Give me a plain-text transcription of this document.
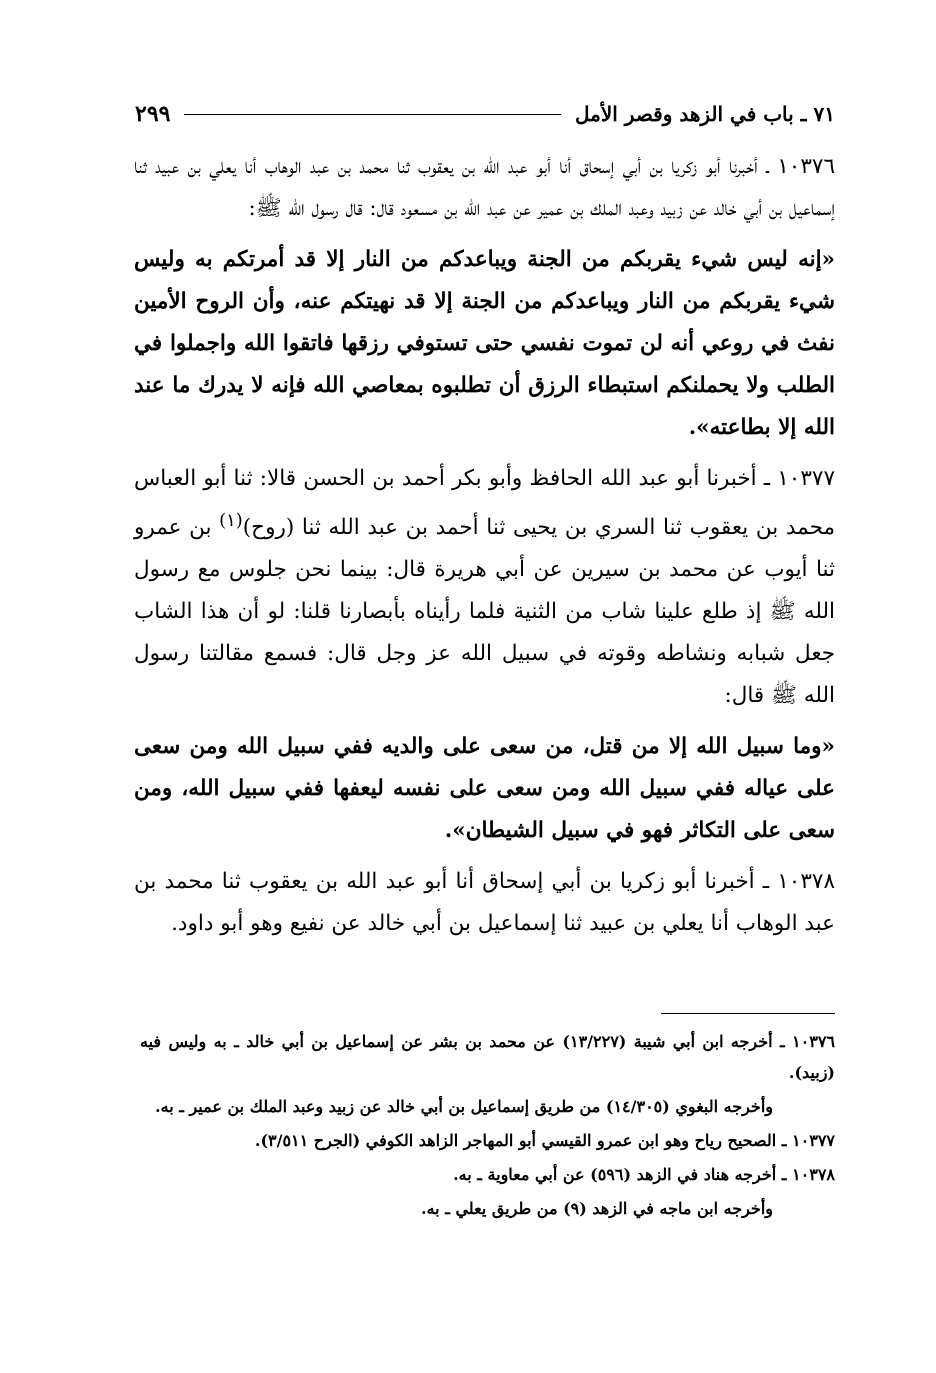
٧١ ـ باب في الزهد وقصر الأمل
٢٩٩

١٠٣٧٦ ـ أخبرنا أبو زكريا بن أبي إسحاق أنا أبو عبد الله بن يعقوب ثنا محمد بن عبد الوهاب أنا يعلي بن عبيد ثنا إسماعيل بن أبي خالد عن زبيد وعبد الملك بن عمير عن عبد الله بن مسعود قال: قال رسول الله ﷺ:

«إنه ليس شيء يقربكم من الجنة ويباعدكم من النار إلا قد أمرتكم به وليس شيء يقربكم من النار ويباعدكم من الجنة إلا قد نهيتكم عنه، وأن الروح الأمين نفث في روعي أنه لن تموت نفسي حتى تستوفي رزقها فاتقوا الله واجملوا في الطلب ولا يحملنكم استبطاء الرزق أن تطلبوه بمعاصي الله فإنه لا يدرك ما عند الله إلا بطاعته».

١٠٣٧٧ ـ أخبرنا أبو عبد الله الحافظ وأبو بكر أحمد بن الحسن قالا: ثنا أبو العباس محمد بن يعقوب ثنا السري بن يحيى ثنا أحمد بن عبد الله ثنا (روح)$^{(١)}$ بن عمرو ثنا أيوب عن محمد بن سيرين عن أبي هريرة قال: بينما نحن جلوس مع رسول الله ﷺ إذ طلع علينا شاب من الثنية فلما رأيناه بأبصارنا قلنا: لو أن هذا الشاب جعل شبابه ونشاطه وقوته في سبيل الله عز وجل قال: فسمع مقالتنا رسول الله ﷺ قال:

«وما سبيل الله إلا من قتل، من سعى على والديه ففي سبيل الله ومن سعى على عياله ففي سبيل الله ومن سعى على نفسه ليعفها ففي سبيل الله، ومن سعى على التكاثر فهو في سبيل الشيطان».

١٠٣٧٨ ـ أخبرنا أبو زكريا بن أبي إسحاق أنا أبو عبد الله بن يعقوب ثنا محمد بن عبد الوهاب أنا يعلي بن عبيد ثنا إسماعيل بن أبي خالد عن نفيع وهو أبو داود.

١٠٣٧٦ ـ أخرجه ابن أبي شيبة (١٣/٢٢٧) عن محمد بن بشر عن إسماعيل بن أبي خالد ـ به وليس فيه (زبيد).

وأخرجه البغوي (١٤/٣٠٥) من طريق إسماعيل بن أبي خالد عن زبيد وعبد الملك بن عمير ـ به.

١٠٣٧٧ ـ الصحيح رياح وهو ابن عمرو القيسي أبو المهاجر الزاهد الكوفي (الجرح ٣/٥١١).

١٠٣٧٨ ـ أخرجه هناد في الزهد (٥٩٦) عن أبي معاوية ـ به.

وأخرجه ابن ماجه في الزهد (٩) من طريق يعلي ـ به.
